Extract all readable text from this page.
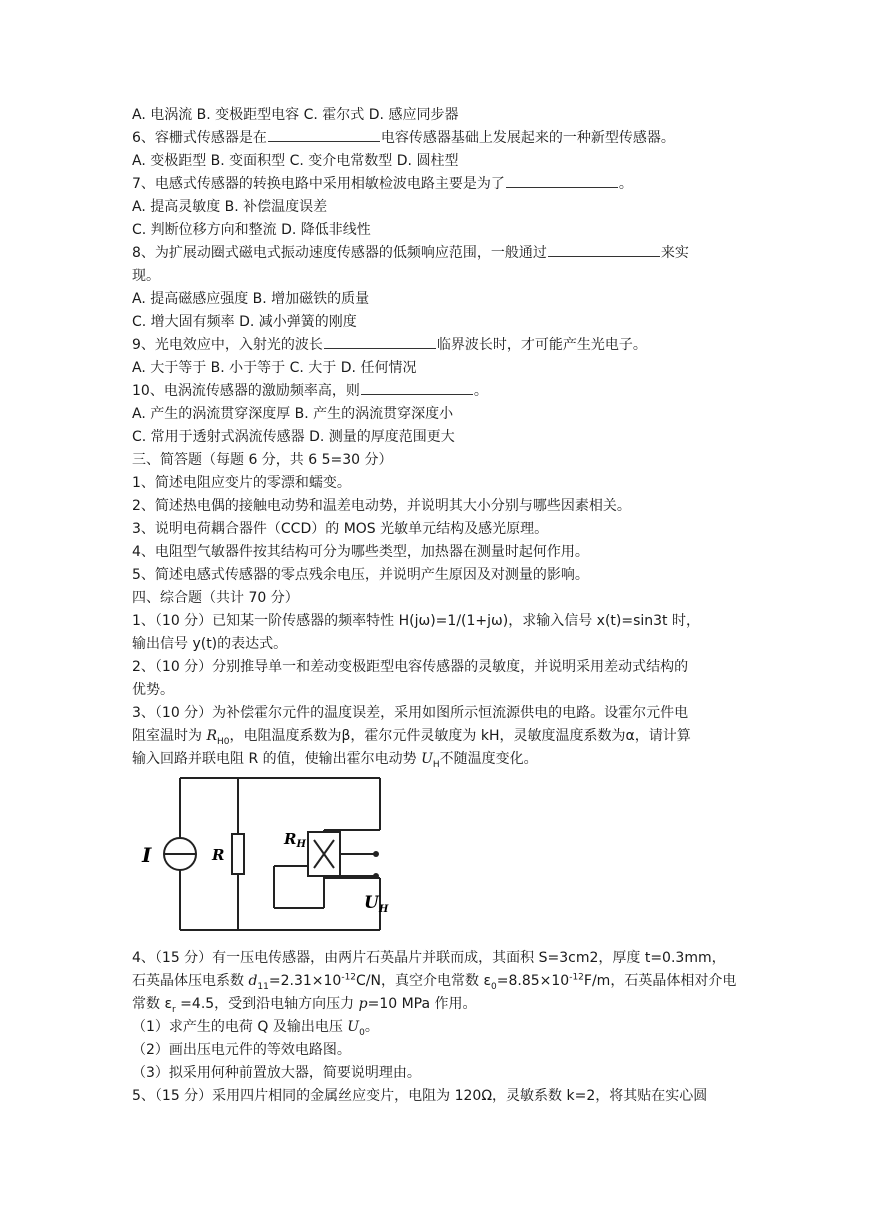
A. 电涡流 B. 变极距型电容 C. 霍尔式 D. 感应同步器
6、容栅式传感器是在	电容传感器基础上发展起来的一种新型传感器。
A. 变极距型 B. 变面积型 C. 变介电常数型 D. 圆柱型
7、电感式传感器的转换电路中采用相敏检波电路主要是为了	。
A. 提高灵敏度 B. 补偿温度误差
C. 判断位移方向和整流 D. 降低非线性
8、为扩展动圈式磁电式振动速度传感器的低频响应范围，一般通过	来实
现。
A. 提高磁感应强度 B. 增加磁铁的质量
C. 增大固有频率 D. 减小弹簧的刚度
9、光电效应中，入射光的波长	临界波长时，才可能产生光电子。
A. 大于等于 B. 小于等于 C. 大于 D. 任何情况
10、电涡流传感器的激励频率高，则	。
A. 产生的涡流贯穿深度厚 B. 产生的涡流贯穿深度小
C. 常用于透射式涡流传感器 D. 测量的厚度范围更大
三、简答题（每题 6 分，共 6 5=30 分）
1、简述电阻应变片的零漂和蠕变。
2、简述热电偶的接触电动势和温差电动势，并说明其大小分别与哪些因素相关。
3、说明电荷耦合器件（CCD）的 MOS 光敏单元结构及感光原理。
4、电阻型气敏器件按其结构可分为哪些类型，加热器在测量时起何作用。
5、简述电感式传感器的零点残余电压，并说明产生原因及对测量的影响。
四、综合题（共计 70 分）
1、（10 分）已知某一阶传感器的频率特性 H(jω)=1/(1+jω)，求输入信号 x(t)=sin3t 时，
输出信号 y(t)的表达式。
2、（10 分）分别推导单一和差动变极距型电容传感器的灵敏度，并说明采用差动式结构的
优势。
3、（10 分）为补偿霍尔元件的温度误差，采用如图所示恒流源供电的电路。设霍尔元件电
阻室温时为 $R_{H0}$，电阻温度系数为β，霍尔元件灵敏度为 kH，灵敏度温度系数为α，请计算
输入回路并联电阻 R 的值，使输出霍尔电动势 $U_H$不随温度变化。
I	R
$R_H$
$U_H$
4、（15 分）有一压电传感器，由两片石英晶片并联而成，其面积 S=3cm2，厚度 t=0.3mm，
石英晶体压电系数 $d_{11}=2.31\times 10^{-12}C/N$，真空介电常数 $\varepsilon_0=8.85\times 10^{-12}F/m$，石英晶体相对介电
常数 $\varepsilon_r =4.5$，受到沿电轴方向压力 p=10 MPa 作用。
（1）求产生的电荷 Q 及输出电压 $U_0$。
（2）画出压电元件的等效电路图。
（3）拟采用何种前置放大器，简要说明理由。
5、（15 分）采用四片相同的金属丝应变片，电阻为 120Ω，灵敏系数 k=2，将其贴在实心圆
